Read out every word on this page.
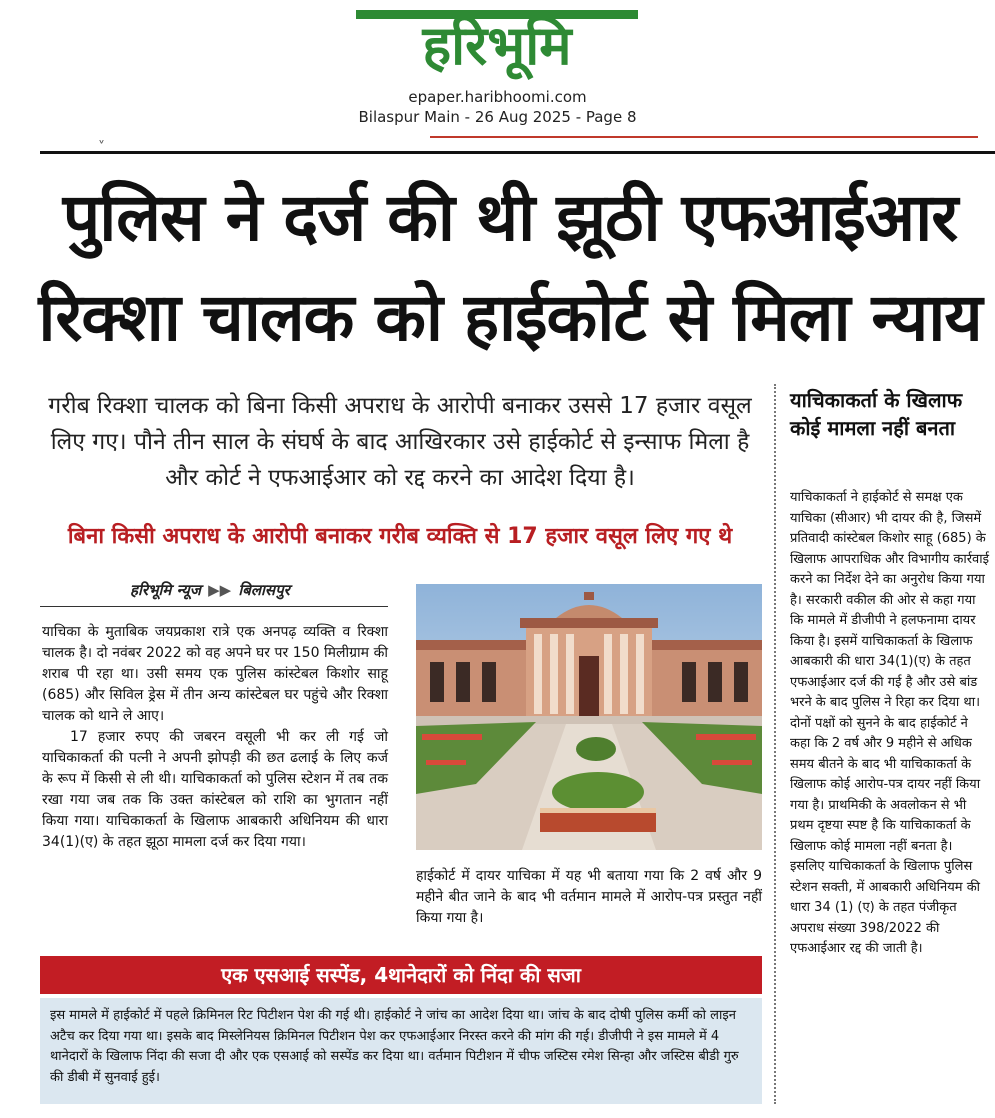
हरिभूमि
epaper.haribhoomi.com
Bilaspur Main - 26 Aug 2025 - Page 8
ˬ
पुलिस ने दर्ज की थी झूठी एफआईआर
रिक्शा चालक को हाईकोर्ट से मिला न्याय
गरीब रिक्शा चालक को बिना किसी अपराध के आरोपी बनाकर उससे 17 हजार वसूल लिए गए। पौने तीन साल के संघर्ष के बाद आखिरकार उसे हाईकोर्ट से इन्साफ मिला है और कोर्ट ने एफआईआर को रद्द करने का आदेश दिया है।
बिना किसी अपराध के आरोपी बनाकर गरीब व्यक्ति से 17 हजार वसूल लिए गए थे
हरिभूमि न्यूज ▶▶ बिलासपुर

याचिका के मुताबिक जयप्रकाश रात्रे एक अनपढ़ व्यक्ति व रिक्शा चालक है। दो नवंबर 2022 को वह अपने घर पर 150 मिलीग्राम की शराब पी रहा था। उसी समय एक पुलिस कांस्टेबल किशोर साहू (685) और सिविल ड्रेस में तीन अन्य कांस्टेबल घर पहुंचे और रिक्शा चालक को थाने ले आए।

17 हजार रुपए की जबरन वसूली भी कर ली गई जो याचिकाकर्ता की पत्नी ने अपनी झोपड़ी की छत ढलाई के लिए कर्ज के रूप में किसी से ली थी। याचिकाकर्ता को पुलिस स्टेशन में तब तक रखा गया जब तक कि उक्त कांस्टेबल को राशि का भुगतान नहीं किया गया। याचिकाकर्ता के खिलाफ आबकारी अधिनियम की धारा 34(1)(ए) के तहत झूठा मामला दर्ज कर दिया गया।

हाईकोर्ट में दायर याचिका में यह भी बताया गया कि 2 वर्ष और 9 महीने बीत जाने के बाद भी वर्तमान मामले में आरोप-पत्र प्रस्तुत नहीं किया गया है।
एक एसआई सस्पेंड, 4थानेदारों को निंदा की सजा
इस मामले में हाईकोर्ट में पहले क्रिमिनल रिट पिटीशन पेश की गई थी। हाईकोर्ट ने जांच का आदेश दिया था। जांच के बाद दोषी पुलिस कर्मी को लाइन अटैच कर दिया गया था। इसके बाद मिस्लेनियस क्रिमिनल पिटीशन पेश कर एफआईआर निरस्त करने की मांग की गई। डीजीपी ने इस मामले में 4 थानेदारों के खिलाफ निंदा की सजा दी और एक एसआई को सस्पेंड कर दिया था। वर्तमान पिटीशन में चीफ जस्टिस रमेश सिन्हा और जस्टिस बीडी गुरु की डीबी में सुनवाई हुई।
याचिकाकर्ता के खिलाफ कोई मामला नहीं बनता
याचिकाकर्ता ने हाईकोर्ट से समक्ष एक याचिका (सीआर) भी दायर की है, जिसमें प्रतिवादी कांस्टेबल किशोर साहू (685) के खिलाफ आपराधिक और विभागीय कार्रवाई करने का निर्देश देने का अनुरोध किया गया है। सरकारी वकील की ओर से कहा गया कि मामले में डीजीपी ने हलफनामा दायर किया है। इसमें याचिकाकर्ता के खिलाफ आबकारी की धारा 34(1)(ए) के तहत एफआईआर दर्ज की गई है और उसे बांड भरने के बाद पुलिस ने रिहा कर दिया था। दोनों पक्षों को सुनने के बाद हाईकोर्ट ने कहा कि 2 वर्ष और 9 महीने से अधिक समय बीतने के बाद भी याचिकाकर्ता के खिलाफ कोई आरोप-पत्र दायर नहीं किया गया है। प्राथमिकी के अवलोकन से भी प्रथम दृष्टया स्पष्ट है कि याचिकाकर्ता के खिलाफ कोई मामला नहीं बनता है। इसलिए याचिकाकर्ता के खिलाफ पुलिस स्टेशन सक्ती, में आबकारी अधिनियम की धारा 34 (1) (ए) के तहत पंजीकृत अपराध संख्या 398/2022 की एफआईआर रद्द की जाती है।
